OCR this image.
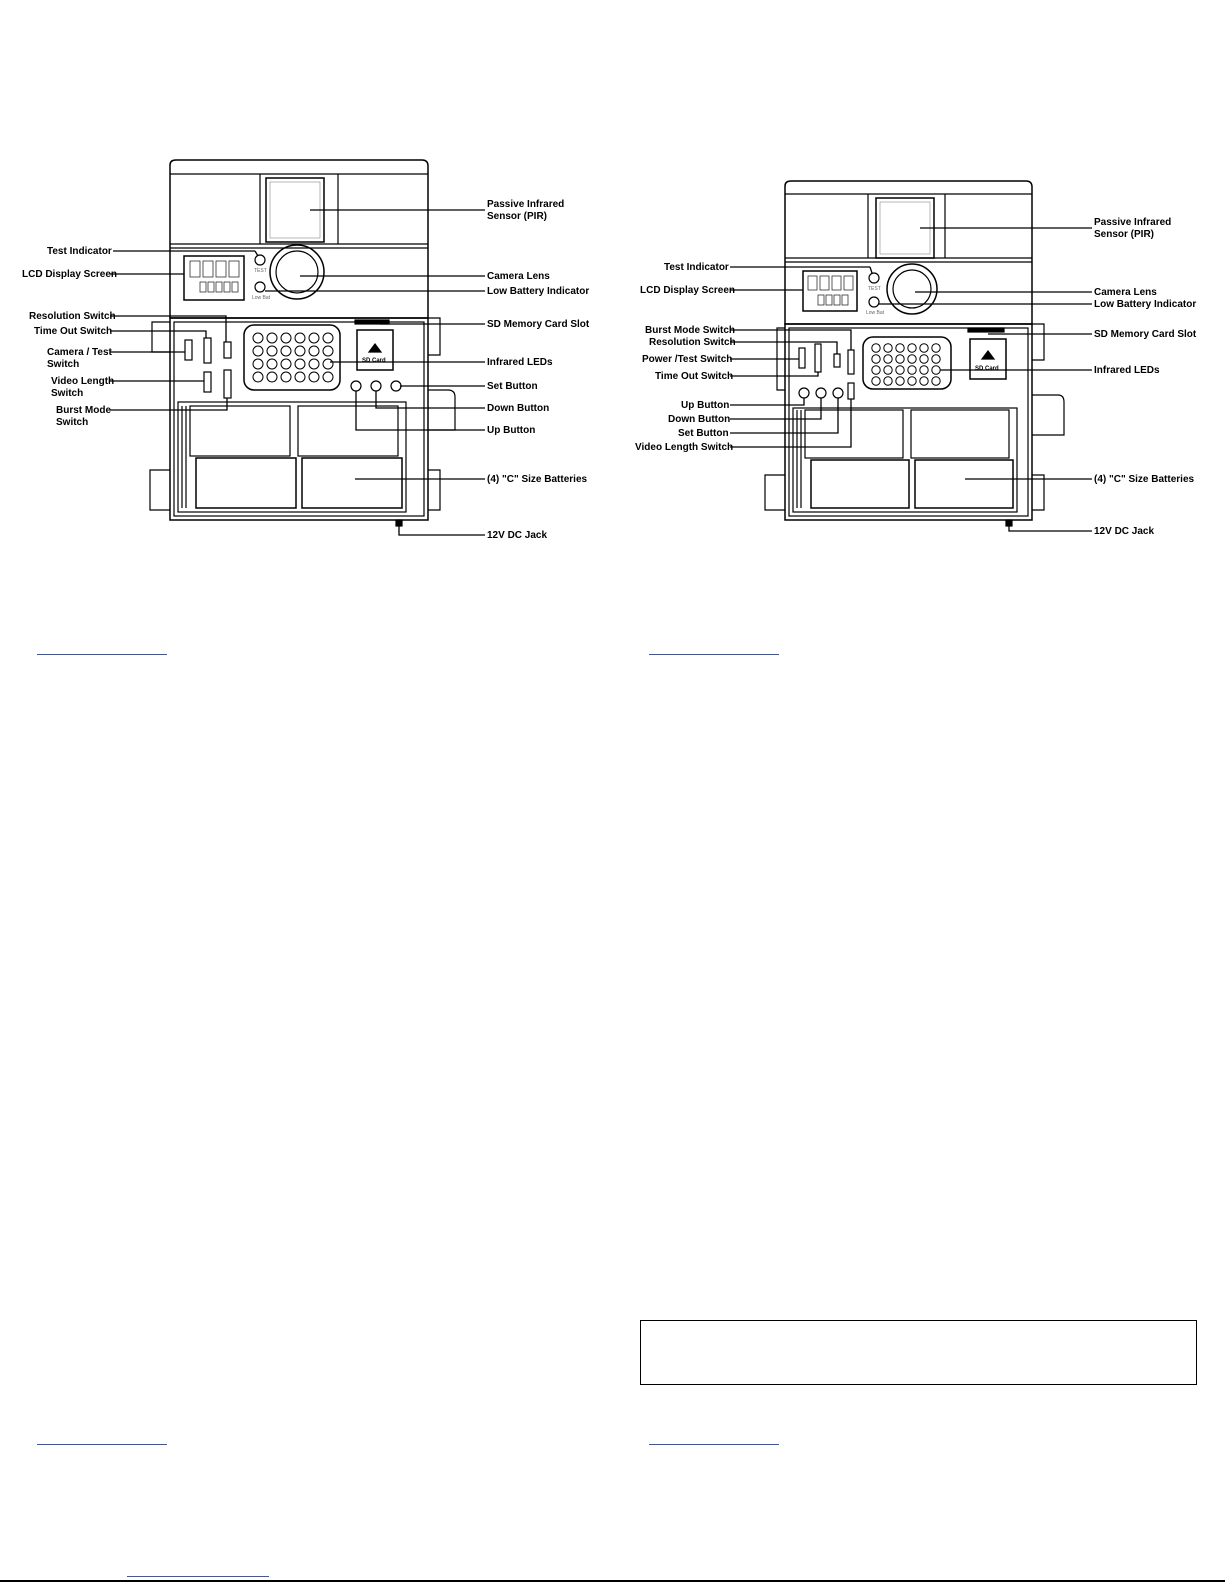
TEST
Low Bat
SD Card
Passive Infrared
Sensor (PIR)
Test Indicator
LCD Display Screen	Camera Lens
Low Battery Indicator
Resolution Switch
Time Out Switch
SD Memory Card Slot
Camera / Test
Switch	Infrared LEDs
Video Length
Switch
Set Button
Burst Mode
Switch
Down Button
Up Button
(4) "C" Size Batteries
12V DC Jack
TEST
Low Bat
SD Card
Passive Infrared
Sensor (PIR)
Test Indicator
LCD Display Screen	Camera Lens
Low Battery Indicator
Burst Mode Switch	SD Memory Card Slot
Resolution Switch
Power /Test Switch
Infrared LEDs
Time Out Switch
Up Button
Down Button
Set Button
Video Length Switch
(4) "C" Size Batteries
12V DC Jack
